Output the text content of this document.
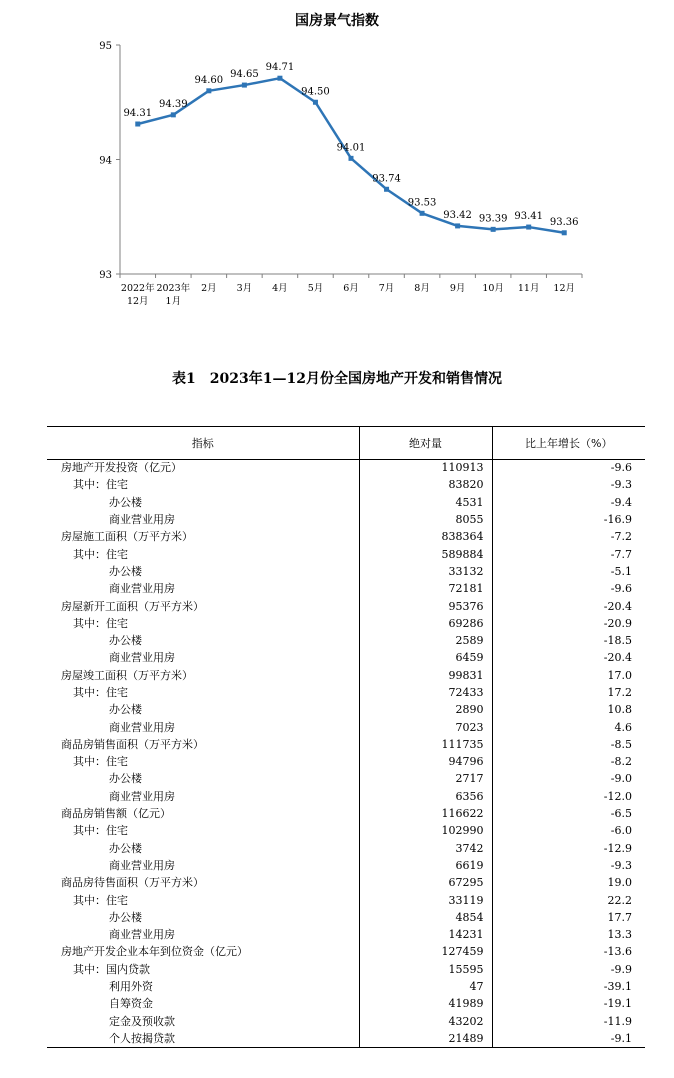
国房景气指数
93
94
95
2022年
12月
2023年
1月
2月 3月 4月 5月 6月 7月 8月 9月 10月 11月 12月
94.31
94.39
94.60
94.65
94.71
94.50
94.01
93.74
93.53
93.42 93.39 93.41
93.36
表1　2023年1—12月份全国房地产开发和销售情况
指标	绝对量	比上年增长（%）
房地产开发投资（亿元）	110913	-9.6
其中：住宅	83820	-9.3
办公楼	4531	-9.4
商业营业用房	8055	-16.9
房屋施工面积（万平方米）	838364	-7.2
其中：住宅	589884	-7.7
办公楼	33132	-5.1
商业营业用房	72181	-9.6
房屋新开工面积（万平方米）	95376	-20.4
其中：住宅	69286	-20.9
办公楼	2589	-18.5
商业营业用房	6459	-20.4
房屋竣工面积（万平方米）	99831	17.0
其中：住宅	72433	17.2
办公楼	2890	10.8
商业营业用房	7023	4.6
商品房销售面积（万平方米）	111735	-8.5
其中：住宅	94796	-8.2
办公楼	2717	-9.0
商业营业用房	6356	-12.0
商品房销售额（亿元）	116622	-6.5
其中：住宅	102990	-6.0
办公楼	3742	-12.9
商业营业用房	6619	-9.3
商品房待售面积（万平方米）	67295	19.0
其中：住宅	33119	22.2
办公楼	4854	17.7
商业营业用房	14231	13.3
房地产开发企业本年到位资金（亿元）	127459	-13.6
其中：国内贷款	15595	-9.9
利用外资	47	-39.1
自筹资金	41989	-19.1
定金及预收款	43202	-11.9
个人按揭贷款	21489	-9.1
